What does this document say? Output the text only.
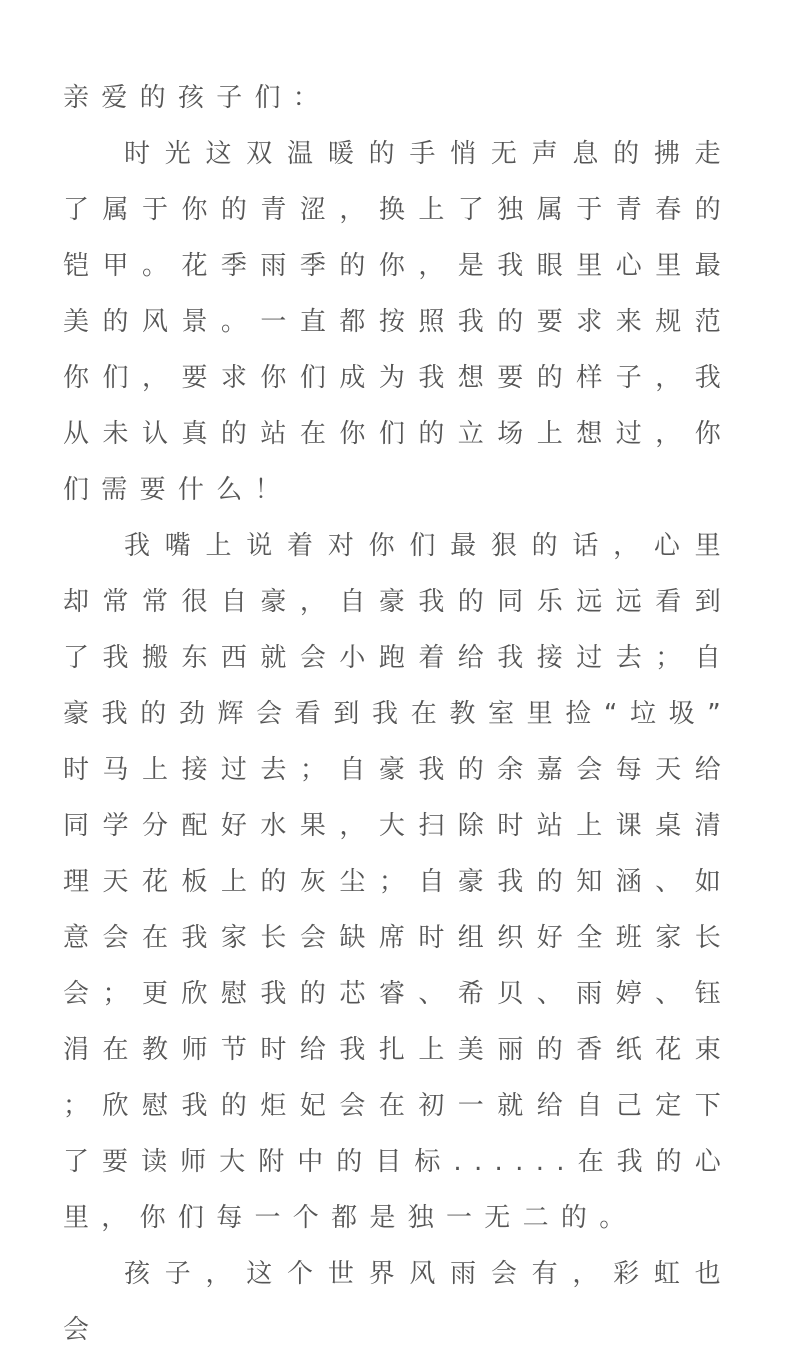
亲爱的孩子们：

时光这双温暖的手悄无声息的拂走了属于你的青涩，换上了独属于青春的铠甲。花季雨季的你，是我眼里心里最美的风景。一直都按照我的要求来规范你们，要求你们成为我想要的样子，我从未认真的站在你们的立场上想过，你们需要什么！

我嘴上说着对你们最狠的话，心里却常常很自豪，自豪我的同乐远远看到了我搬东西就会小跑着给我接过去；自豪我的劲辉会看到我在教室里捡“垃圾”时马上接过去；自豪我的余嘉会每天给同学分配好水果，大扫除时站上课桌清理天花板上的灰尘；自豪我的知涵、如意会在我家长会缺席时组织好全班家长会；更欣慰我的芯睿、希贝、雨婷、钰涓在教师节时给我扎上美丽的香纸花束；欣慰我的炬妃会在初一就给自己定下了要读师大附中的目标......在我的心里，你们每一个都是独一无二的。

孩子，这个世界风雨会有，彩虹也会
